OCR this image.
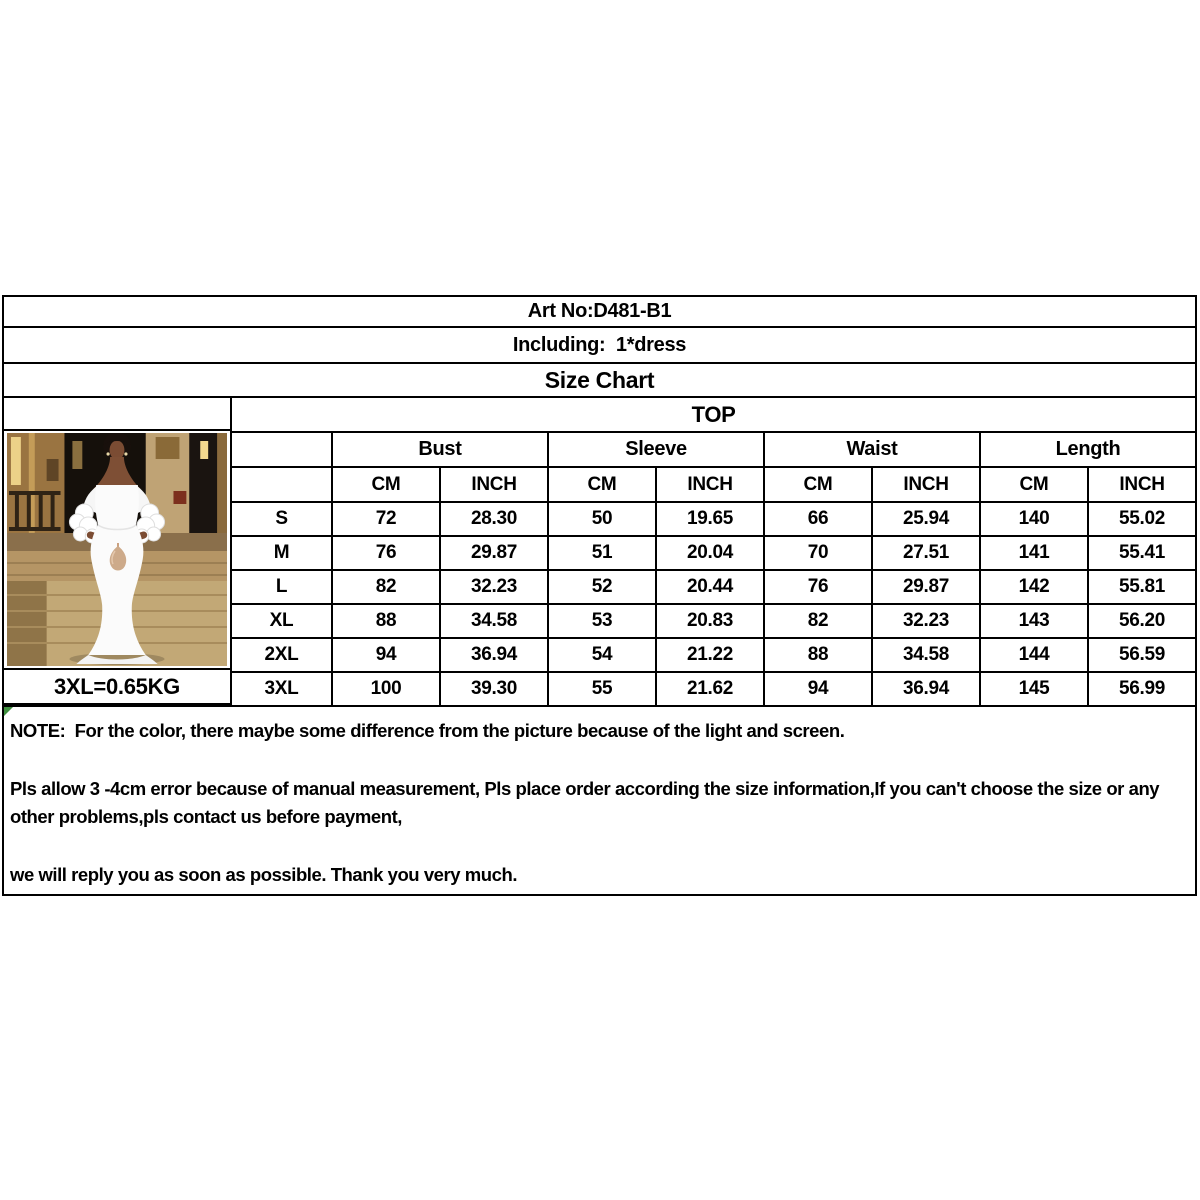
Art No:D481-B1
Including:  1*dress
Size Chart
3XL=0.65KG
TOP								
	Bust		Sleeve		Waist		Length	
	CM	INCH	CM	INCH	CM	INCH	CM	INCH
S	72	28.30	50	19.65	66	25.94	140	55.02
M	76	29.87	51	20.04	70	27.51	141	55.41
L	82	32.23	52	20.44	76	29.87	142	55.81
XL	88	34.58	53	20.83	82	32.23	143	56.20
2XL	94	36.94	54	21.22	88	34.58	144	56.59
3XL	100	39.30	55	21.62	94	36.94	145	56.99

NOTE:  For the color, there maybe some difference from the picture because of the light and screen.

Pls allow 3 -4cm error because of manual measurement, Pls place order according the size information,If you can't choose the size or any other problems,pls contact us before payment,

we will reply you as soon as possible. Thank you very much.
